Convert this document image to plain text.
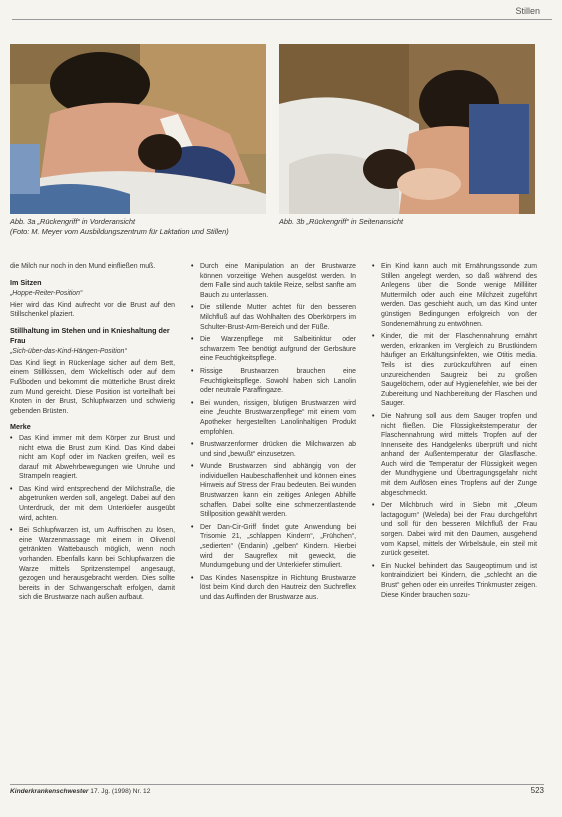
Stillen
Abb. 3a „Rückengriff“ in Vorderansicht
(Foto: M. Meyer vom Ausbildungszentrum für Laktation und Stillen)
Abb. 3b „Rückengriff“ in Seitenansicht

die Milch nur noch in den Mund einfließen muß.

Im Sitzen
„Hoppe-Reiter-Position“

Hier wird das Kind aufrecht vor die Brust auf den Stillschenkel plaziert.

Stillhaltung im Stehen und in Knieshaltung der Frau
„Sich-über-das-Kind-Hängen-Position“

Das Kind liegt in Rückenlage sicher auf dem Bett, einem Stillkissen, dem Wickeltisch oder auf dem Fußboden und bekommt die mütterliche Brust direkt zum Mund gereicht. Diese Position ist vorteilhaft bei Knoten in der Brust, Schlupfwarzen und schwierig gebenden Brüsten.

Merke
• Das Kind immer mit dem Körper zur Brust und nicht etwa die Brust zum Kind. Das Kind dabei nicht am Kopf oder im Nacken greifen, weil es darauf mit Abwehrbewegungen wie Unruhe und Strampeln reagiert.
• Das Kind wird entsprechend der Milchstraße, die abgetrunken werden soll, angelegt. Dabei auf den Unterdruck, der mit dem Unterkiefer ausgeübt wird, achten.
• Bei Schlupfwarzen ist, um Auffrischen zu lösen, eine Warzenmassage mit einem in Olivenöl getränkten Wattebausch möglich, wenn noch vorhanden. Ebenfalls kann bei Schlupfwarzen die Warze mittels Spritzenstempel angesaugt, gezogen und herausgebracht werden. Dies sollte bereits in der Schwangerschaft erfolgen, damit sich die Brustwarze nach außen aufbaut.
• Durch eine Manipulation an der Brustwarze können vorzeitige Wehen ausgelöst werden. In dem Falle sind auch taktile Reize, selbst sanfte am Bauch zu unterlassen.
• Die stillende Mutter achtet für den besseren Milchfluß auf das Wohlhalten des Oberkörpers im Schulter-Brust-Arm-Bereich und der Füße.
• Die Warzenpflege mit Salbeitinktur oder schwarzem Tee benötigt aufgrund der Gerbsäure eine Feuchtigkeitspflege.
• Rissige Brustwarzen brauchen eine Feuchtigkeitspflege. Sowohl haben sich Lanolin oder neutrale Paraffingaze.
• Bei wunden, rissigen, blutigen Brustwarzen wird eine „feuchte Brustwarzenpflege“ mit einem vom Apotheker hergestellten Lanolinhaltigen Produkt empfohlen.
• Brustwarzenformer drücken die Milchwarzen ab und sind „bewußt“ einzusetzen.
• Wunde Brustwarzen sind abhängig von der individuellen Haubeschaffenheit und können eines Hinweis auf Stress der Frau bedeuten. Bei wunden Brustwarzen kann ein zeitiges Anlegen Abhilfe schaffen. Dabei sollte eine schmerzentlastende Stillposition gewählt werden.
• Der Dan-Cir-Griff findet gute Anwendung bei Trisomie 21, „schlappen Kindern“, „Frühchen“, „sedierten“ (Endanin) „gelben“ Kindern. Hierbei wird der Saugreflex mit geweckt, die Mundumgebung und der Unterkiefer stimuliert.
• Das Kindes Nasenspitze in Richtung Brustwarze löst beim Kind durch den Hautreiz den Suchreflex und das Auffinden der Brustwarze aus.
• Ein Kind kann auch mit Ernährungssonde zum Stillen angelegt werden, so daß während des Anlegens über die Sonde wenige Milliliter Muttermilch oder auch eine Milchzeit zugeführt werden. Das geschieht auch, um das Kind unter günstigen Bedingungen erfolgreich von der Sondenernährung zu entwöhnen.
• Kinder, die mit der Flaschennahrung ernährt werden, erkranken im Vergleich zu Brustkindern häufiger an Erkältungsinfekten, wie Otitis media. Teils ist dies zurückzuführen auf einen unzureichenden Saugreiz bei zu großen Saugelöchern, oder auf Hygienefehler, wie bei der Zubereitung und Nachbereitung der Flaschen und Sauger.
• Die Nahrung soll aus dem Sauger tropfen und nicht fließen. Die Flüssigkeitstemperatur der Flaschennahrung wird mittels Tropfen auf der Innenseite des Handgelenks überprüft und nicht anhand der Außentemperatur der Glasflasche. Auch wird die Temperatur der Flüssigkeit wegen der Mundhygiene und Übertragungsgefahr nicht mit dem Auflösen eines Tropfens auf der Zunge abgeschmeckt.
• Der Milchbruch wird in Siebn mit „Oleum lactagogum“ (Weleda) bei der Frau durchgeführt und soll für den besseren Milchfluß der Frau sorgen. Dabei wird mit den Daumen, ausgehend vom Kapsel, mittels der Wirbelsäule, ein steil mit zurück geseitet.
• Ein Nuckel behindert das Saugeoptimum und ist kontraindiziert bei Kindern, die „schlecht an die Brust“ gehen oder ein unreifes Trinkmuster zeigen. Diese Kinder brauchen sozu-
Kinderkrankenschwester 17. Jg. (1998) Nr. 12	523
